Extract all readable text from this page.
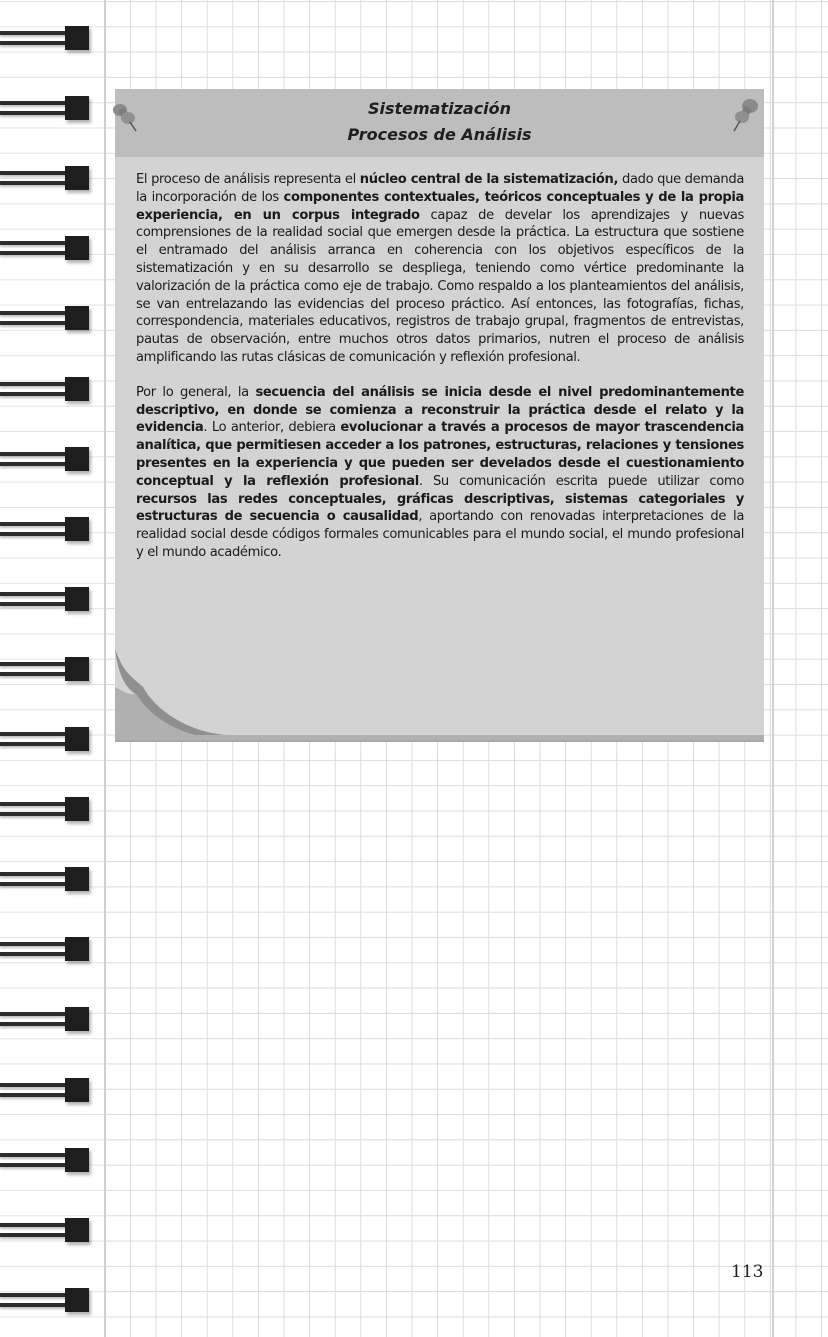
Sistematización
Procesos de Análisis

El proceso de análisis representa el núcleo central de la sistematización, dado que demanda la incorporación de los componentes contextuales, teóricos conceptuales y de la propia experiencia, en un corpus integrado capaz de develar los aprendizajes y nuevas comprensiones de la realidad social que emergen desde la práctica. La estructura que sostiene el entramado del análisis arranca en coherencia con los objetivos específicos de la sistematización y en su desarrollo se despliega, teniendo como vértice predominante la valorización de la práctica como eje de trabajo. Como respaldo a los planteamientos del análisis, se van entrelazando las evidencias del proceso práctico. Así entonces, las fotografías, fichas, correspondencia, materiales educativos, registros de trabajo grupal, fragmentos de entrevistas, pautas de observación, entre muchos otros datos primarios, nutren el proceso de análisis amplificando las rutas clásicas de comunicación y reflexión profesional.

Por lo general, la secuencia del análisis se inicia desde el nivel predominantemente descriptivo, en donde se comienza a reconstruir la práctica desde el relato y la evidencia. Lo anterior, debiera evolucionar a través a procesos de mayor trascendencia analítica, que permitiesen acceder a los patrones, estructuras, relaciones y tensiones presentes en la experiencia y que pueden ser develados desde el cuestionamiento conceptual y la reflexión profesional. Su comunicación escrita puede utilizar como recursos las redes conceptuales, gráficas descriptivas, sistemas categoriales y estructuras de secuencia o causalidad, aportando con renovadas interpretaciones de la realidad social desde códigos formales comunicables para el mundo social, el mundo profesional y el mundo académico.

113
